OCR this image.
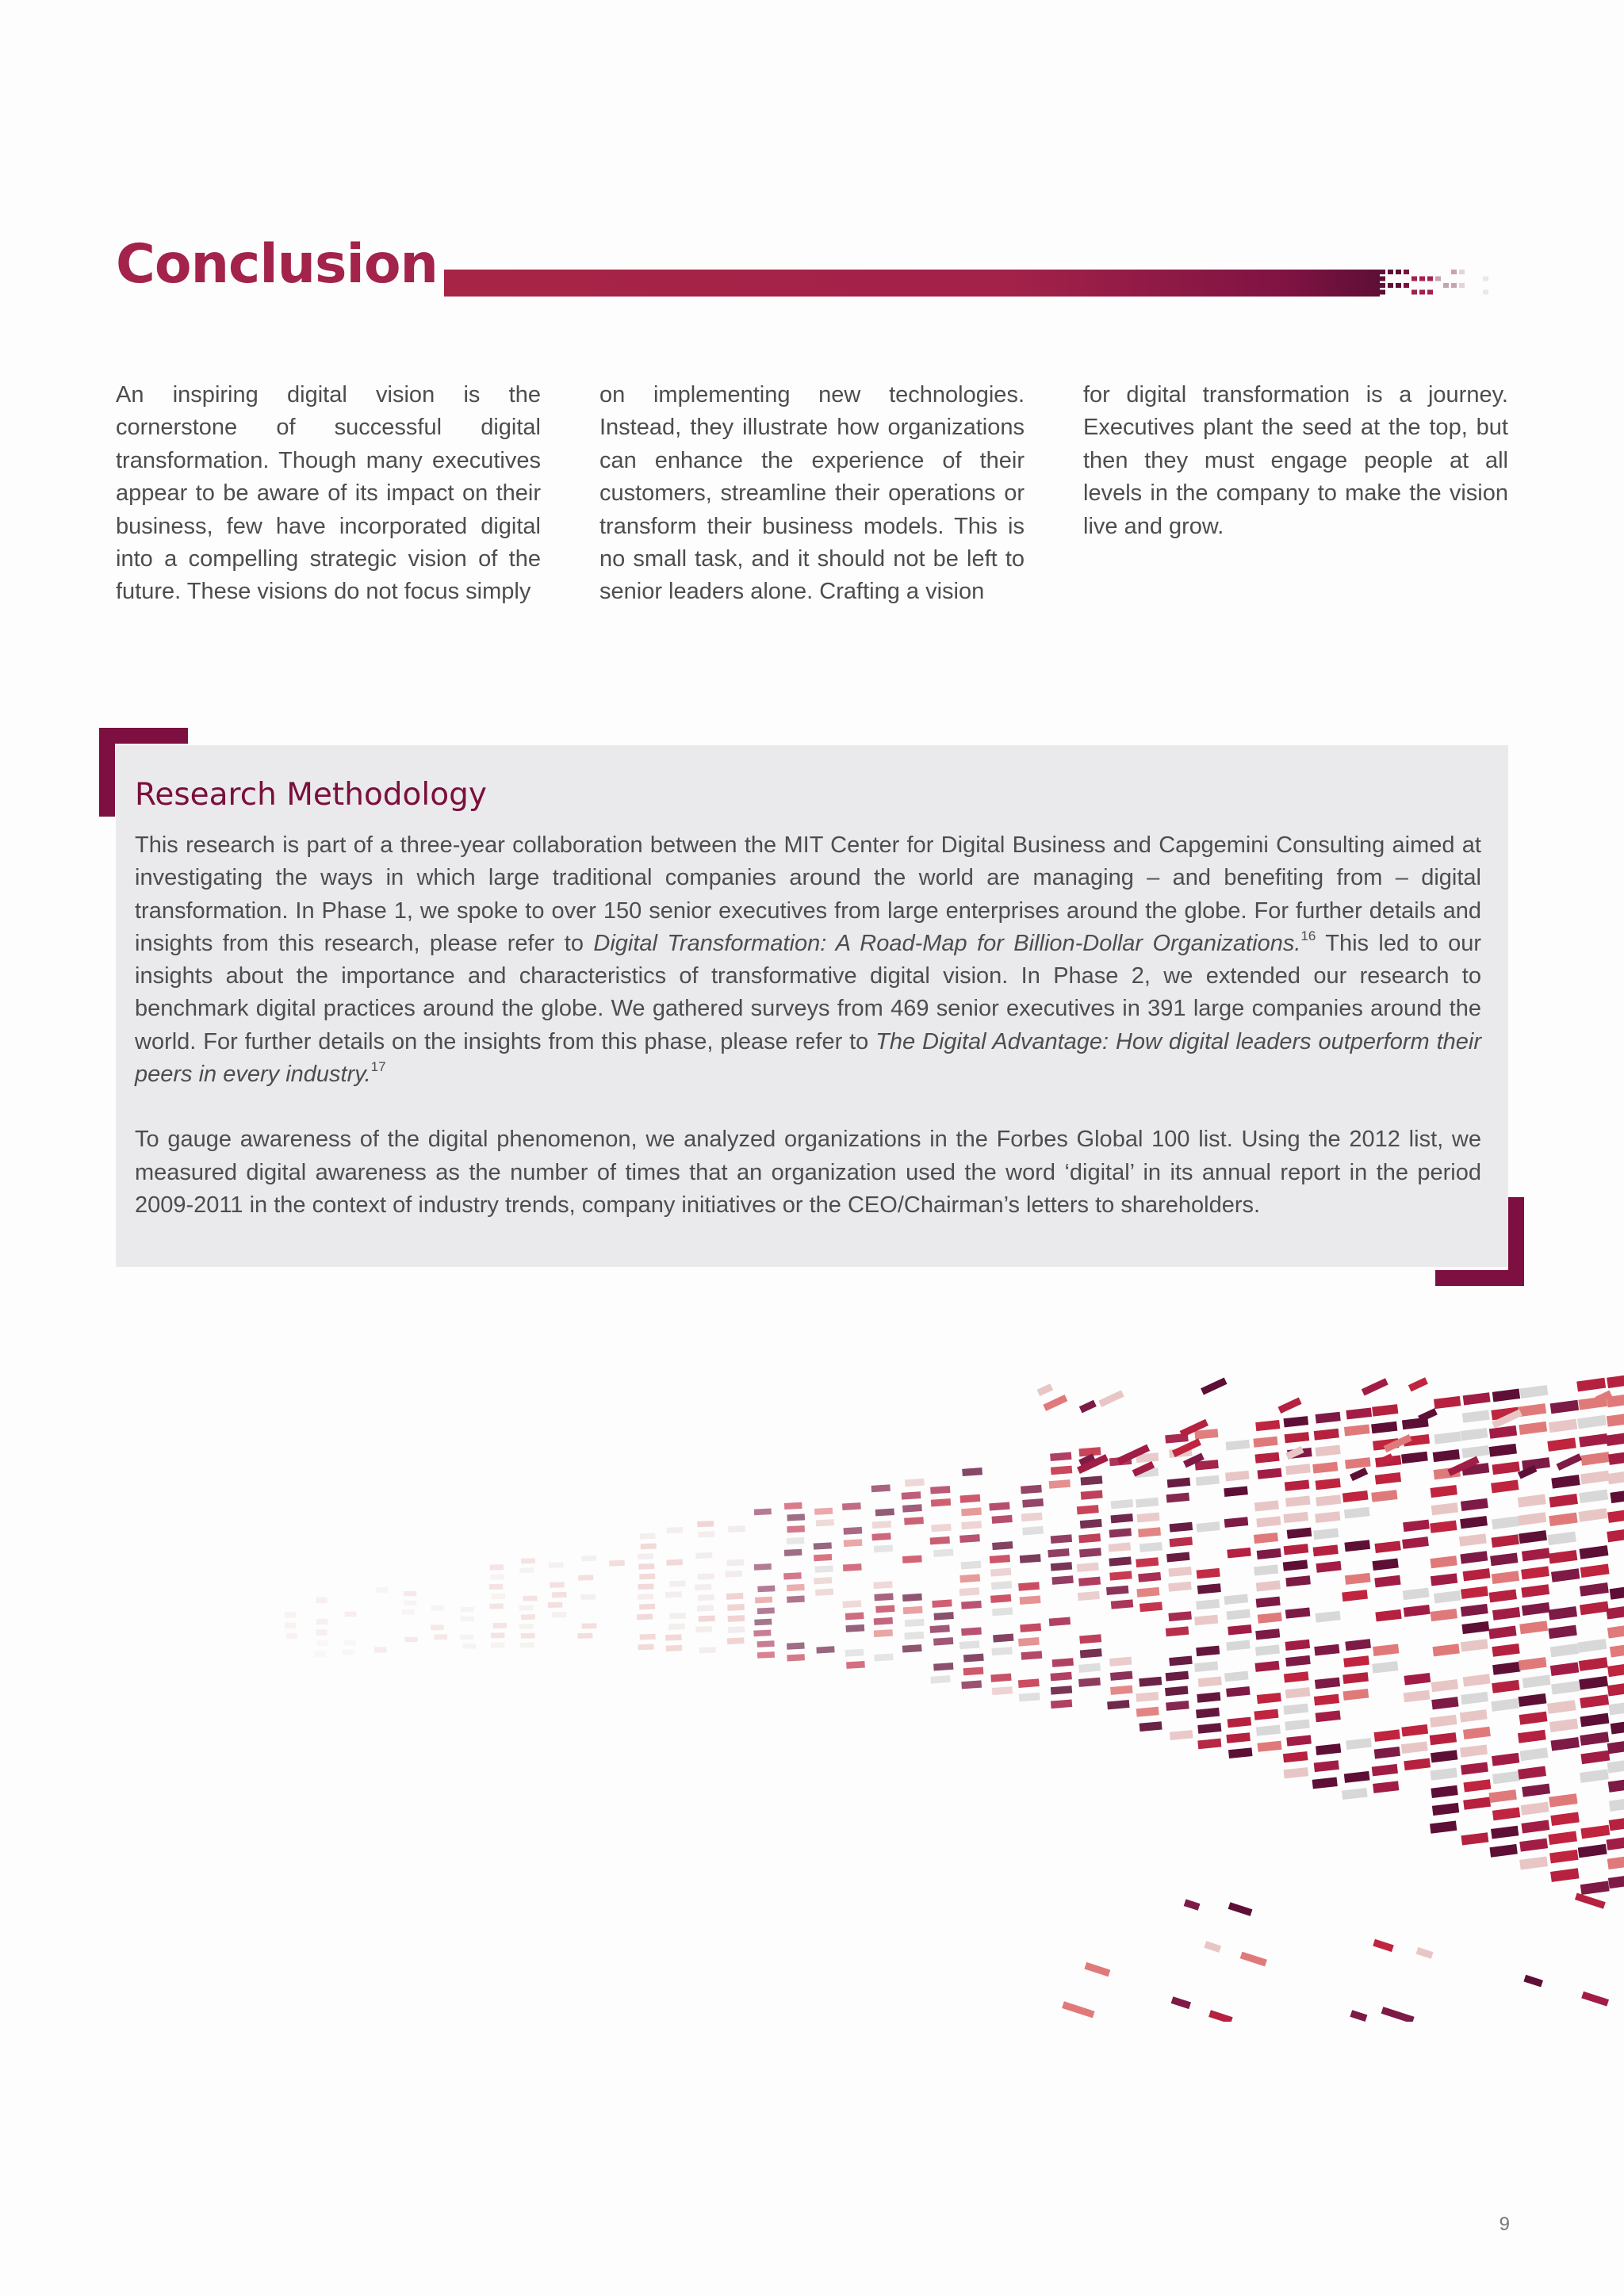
Conclusion

An inspiring digital vision is the cornerstone of successful digital transformation. Though many executives appear to be aware of its impact on their business, few have incorporated digital into a compelling strategic vision of the future. These visions do not focus simply

on implementing new technologies. Instead, they illustrate how organizations can enhance the experience of their customers, streamline their operations or transform their business models. This is no small task, and it should not be left to senior leaders alone. Crafting a vision

for digital transformation is a journey. Executives plant the seed at the top, but then they must engage people at all levels in the company to make the vision live and grow.

Research Methodology

This research is part of a three-year collaboration between the MIT Center for Digital Business and Capgemini Consulting aimed at investigating the ways in which large traditional companies around the world are managing – and benefiting from – digital transformation. In Phase 1, we spoke to over 150 senior executives from large enterprises around the globe. For further details and insights from this research, please refer to Digital Transformation: A Road-Map for Billion-Dollar Organizations.$^{16}$ This led to our insights about the importance and characteristics of transformative digital vision. In Phase 2, we extended our research to benchmark digital practices around the globe. We gathered surveys from 469 senior executives in 391 large companies around the world. For further details on the insights from this phase, please refer to The Digital Advantage: How digital leaders outperform their peers in every industry.$^{17}$

To gauge awareness of the digital phenomenon, we analyzed organizations in the Forbes Global 100 list. Using the 2012 list, we measured digital awareness as the number of times that an organization used the word ‘digital’ in its annual report in the period 2009-2011 in the context of industry trends, company initiatives or the CEO/Chairman’s letters to shareholders.

9
